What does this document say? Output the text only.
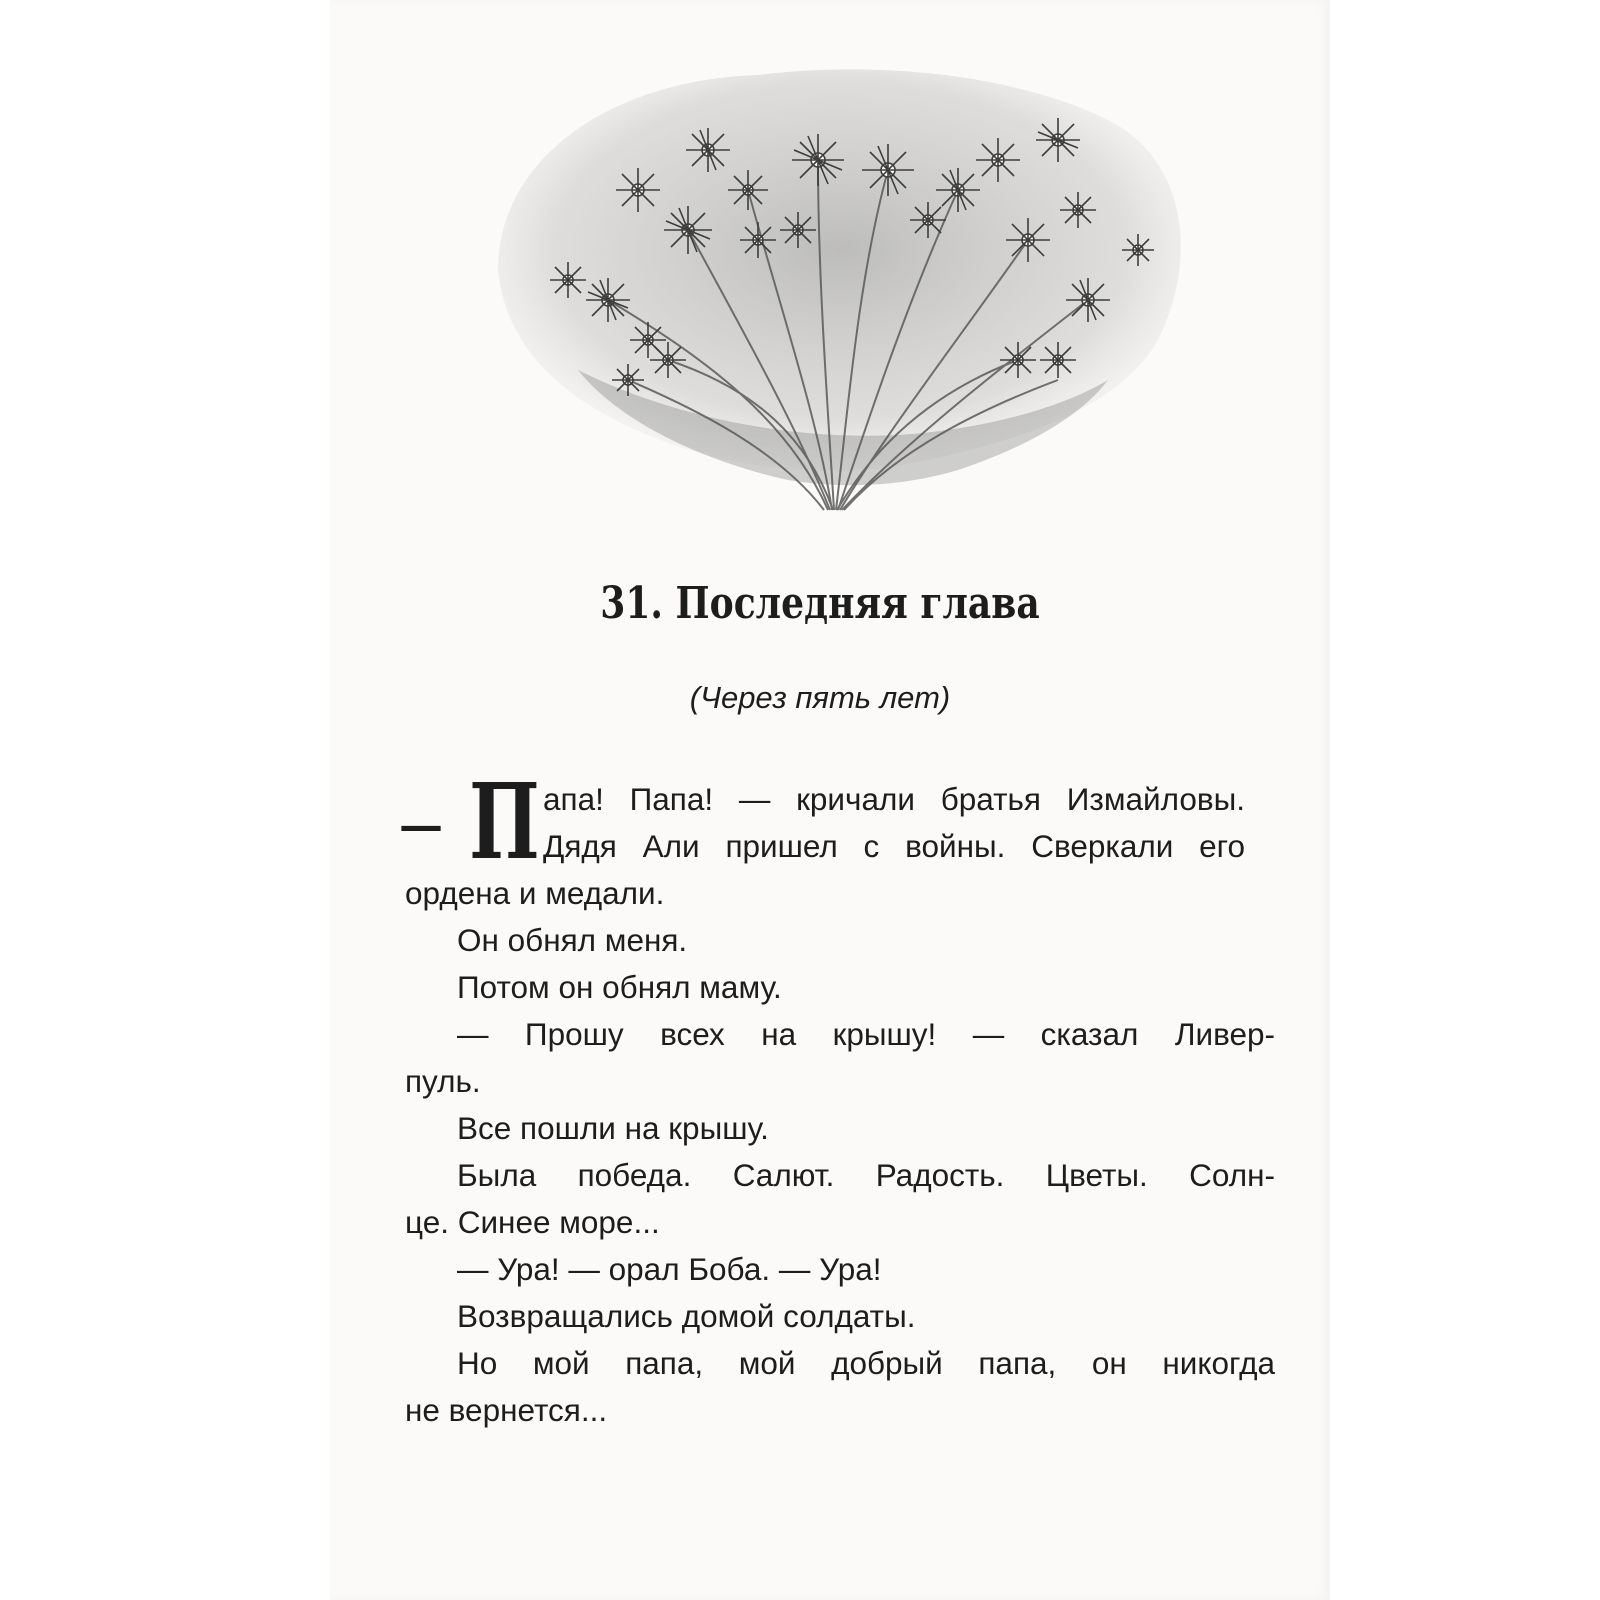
31. Последняя глава
(Через пять лет)
— П апа! Папа! — кричали братья Измайловы.
Дядя Али пришел с войны. Сверкали его
ордена и медали.
Он обнял меня.
Потом он обнял маму.
— Прошу всех на крышу! — сказал Ливер-
пуль.
Все пошли на крышу.
Была победа. Салют. Радость. Цветы. Солн-
це. Синее море...
— Ура! — орал Боба. — Ура!
Возвращались домой солдаты.
Но мой папа, мой добрый папа, он никогда
не вернется...
